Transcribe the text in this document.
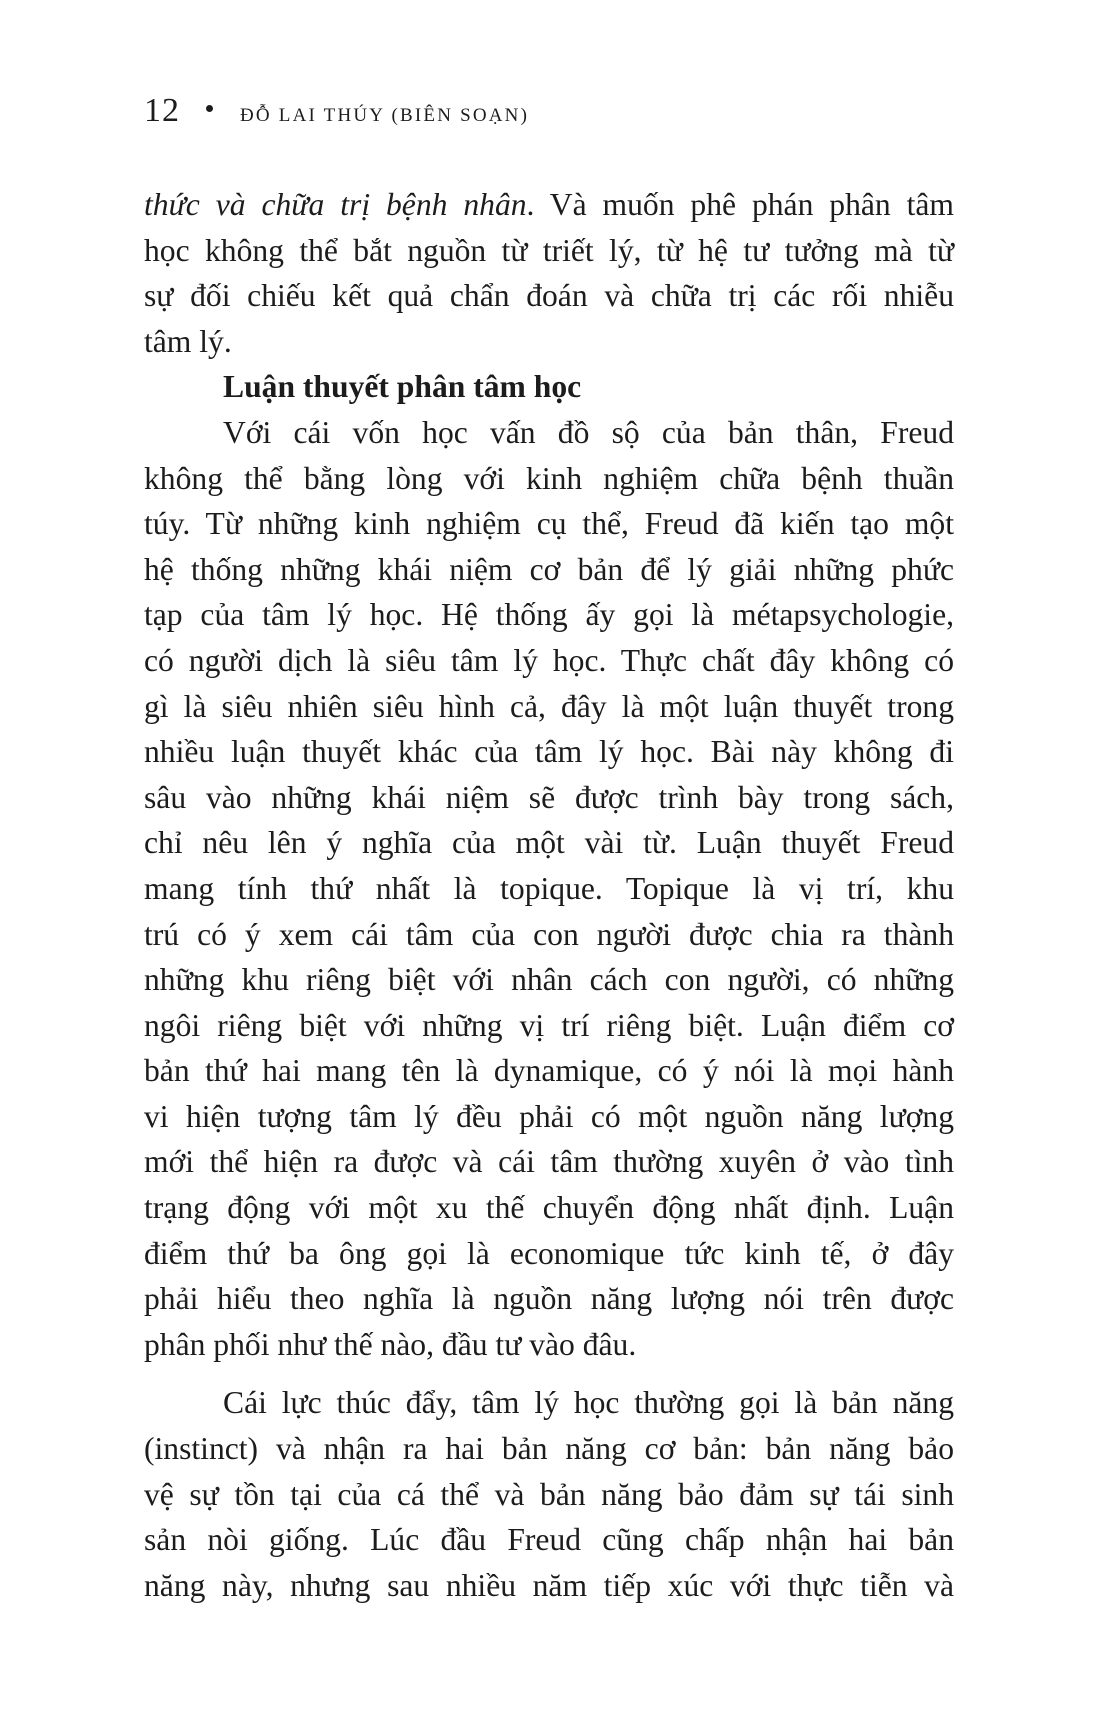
12	ĐỖ LAI THÚY (BIÊN SOẠN)
thức và chữa trị bệnh nhân. Và muốn phê phán phân tâm
học không thể bắt nguồn từ triết lý, từ hệ tư tưởng mà từ
sự đối chiếu kết quả chẩn đoán và chữa trị các rối nhiễu
tâm lý.
Luận thuyết phân tâm học
Với cái vốn học vấn đồ sộ của bản thân, Freud
không thể bằng lòng với kinh nghiệm chữa bệnh thuần
túy. Từ những kinh nghiệm cụ thể, Freud đã kiến tạo một
hệ thống những khái niệm cơ bản để lý giải những phức
tạp của tâm lý học. Hệ thống ấy gọi là métapsychologie,
có người dịch là siêu tâm lý học. Thực chất đây không có
gì là siêu nhiên siêu hình cả, đây là một luận thuyết trong
nhiều luận thuyết khác của tâm lý học. Bài này không đi
sâu vào những khái niệm sẽ được trình bày trong sách,
chỉ nêu lên ý nghĩa của một vài từ. Luận thuyết Freud
mang tính thứ nhất là topique. Topique là vị trí, khu
trú có ý xem cái tâm của con người được chia ra thành
những khu riêng biệt với nhân cách con người, có những
ngôi riêng biệt với những vị trí riêng biệt. Luận điểm cơ
bản thứ hai mang tên là dynamique, có ý nói là mọi hành
vi hiện tượng tâm lý đều phải có một nguồn năng lượng
mới thể hiện ra được và cái tâm thường xuyên ở vào tình
trạng động với một xu thế chuyển động nhất định. Luận
điểm thứ ba ông gọi là economique tức kinh tế, ở đây
phải hiểu theo nghĩa là nguồn năng lượng nói trên được
phân phối như thế nào, đầu tư vào đâu.
Cái lực thúc đẩy, tâm lý học thường gọi là bản năng
(instinct) và nhận ra hai bản năng cơ bản: bản năng bảo
vệ sự tồn tại của cá thể và bản năng bảo đảm sự tái sinh
sản nòi giống. Lúc đầu Freud cũng chấp nhận hai bản
năng này, nhưng sau nhiều năm tiếp xúc với thực tiễn và
